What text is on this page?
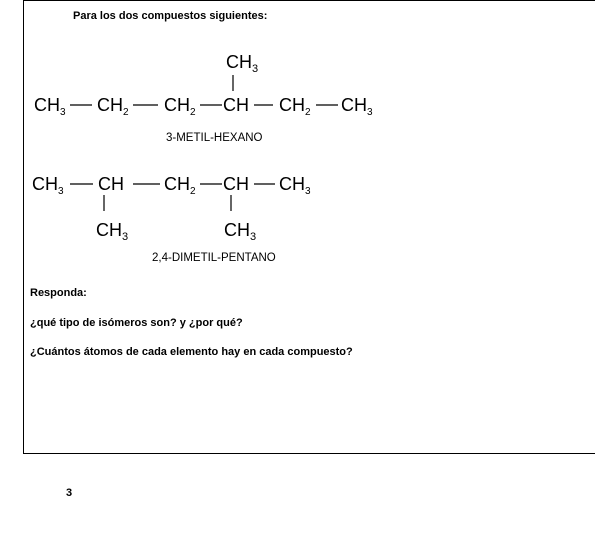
Para los dos compuestos siguientes:
$CH_3$
$CH_3$ $CH_2$ $CH_2$ CH $CH_2$ $CH_3$
3-METIL-HEXANO
$CH_3$ CH $CH_2$ CH $CH_3$
$CH_3$	$CH_3$
2,4-DIMETIL-PENTANO
Responda:
¿qué tipo de isómeros son? y ¿por qué?
¿Cuántos átomos de cada elemento hay en cada compuesto?
3
